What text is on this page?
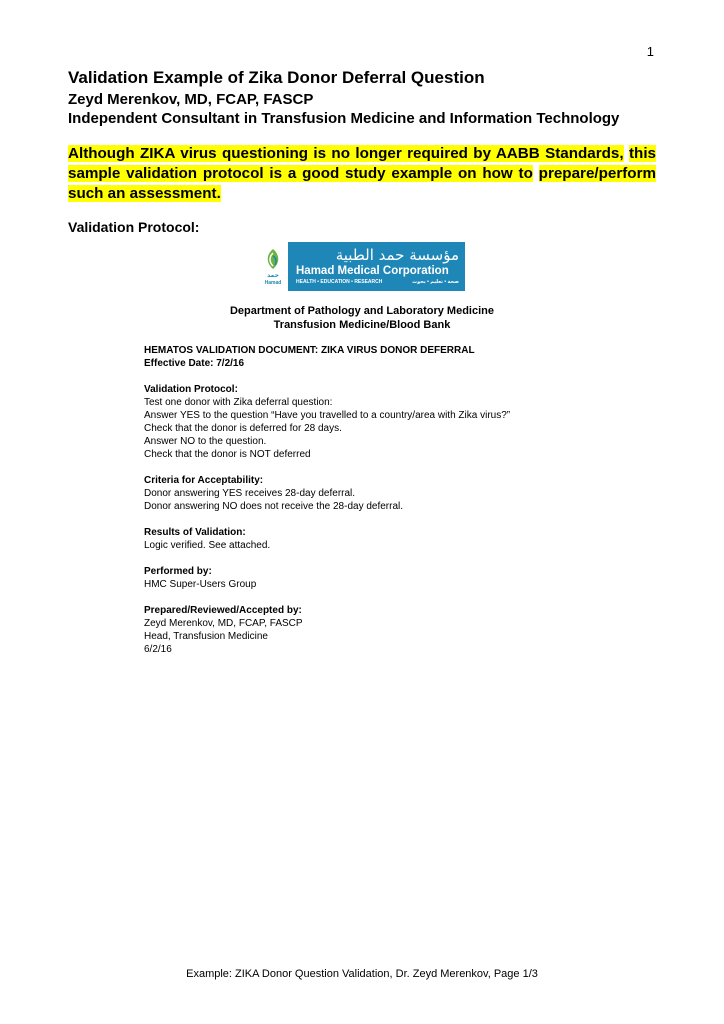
1
Validation Example of Zika Donor Deferral Question
Zeyd Merenkov, MD, FCAP, FASCP
Independent Consultant in Transfusion Medicine and Information Technology
Although ZIKA virus questioning is no longer required by AABB Standards, this sample validation protocol is a good study example on how to prepare/perform such an assessment.
Validation Protocol:
حمد
Hamad
مؤسسة حمد الطبية
Hamad Medical Corporation
HEALTH • EDUCATION • RESEARCH	صحة • تعليم • بحوث
Department of Pathology and Laboratory Medicine
Transfusion Medicine/Blood Bank

HEMATOS VALIDATION DOCUMENT: ZIKA VIRUS DONOR DEFERRAL

Effective Date: 7/2/16

Validation Protocol:

Test one donor with Zika deferral question:

Answer YES to the question “Have you travelled to a country/area with Zika virus?”

Check that the donor is deferred for 28 days.

Answer NO to the question.

Check that the donor is NOT deferred

Criteria for Acceptability:

Donor answering YES receives 28-day deferral.

Donor answering NO does not receive the 28-day deferral.

Results of Validation:

Logic verified. See attached.

Performed by:

HMC Super-Users Group

Prepared/Reviewed/Accepted by:

Zeyd Merenkov, MD, FCAP, FASCP

Head, Transfusion Medicine

6/2/16

Example: ZIKA Donor Question Validation, Dr. Zeyd Merenkov, Page 1/3
